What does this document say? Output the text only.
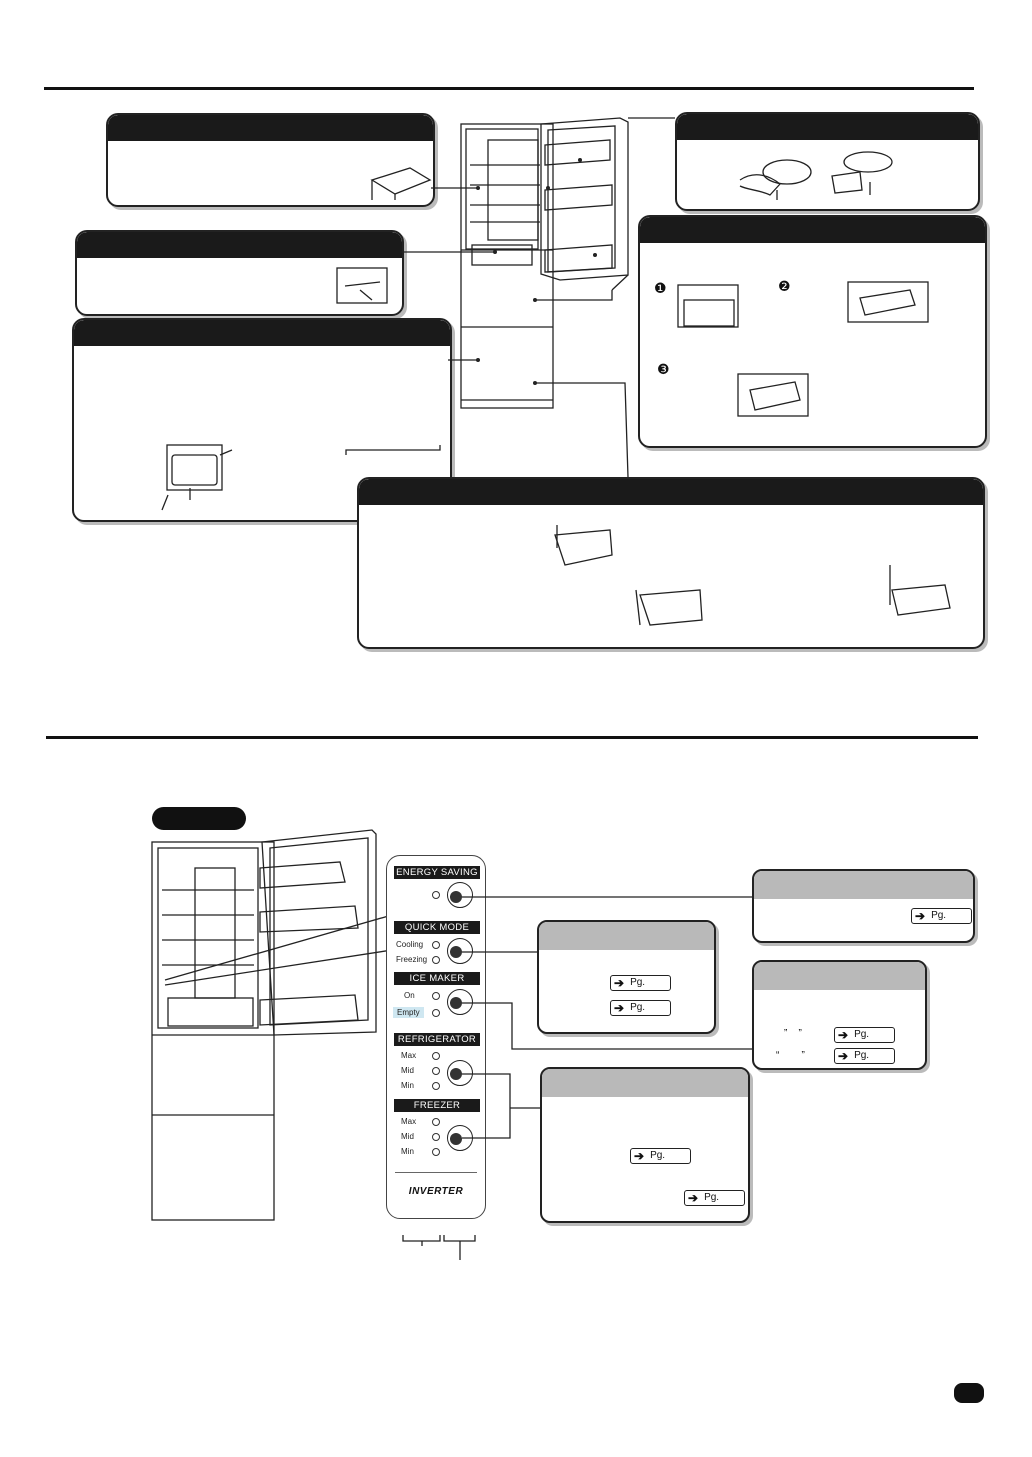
❶	❷
❸
ENERGY SAVING
QUICK MODE
Cooling
Freezing
ICE MAKER
On
Empty
REFRIGERATOR
Max
Mid
Min
FREEZER
Max
Mid
Min
INVERTER
➔ Pg.
➔ Pg.
➔ Pg.
”    ”
“        ”
➔ Pg.
➔ Pg.
➔ Pg.
➔ Pg.
